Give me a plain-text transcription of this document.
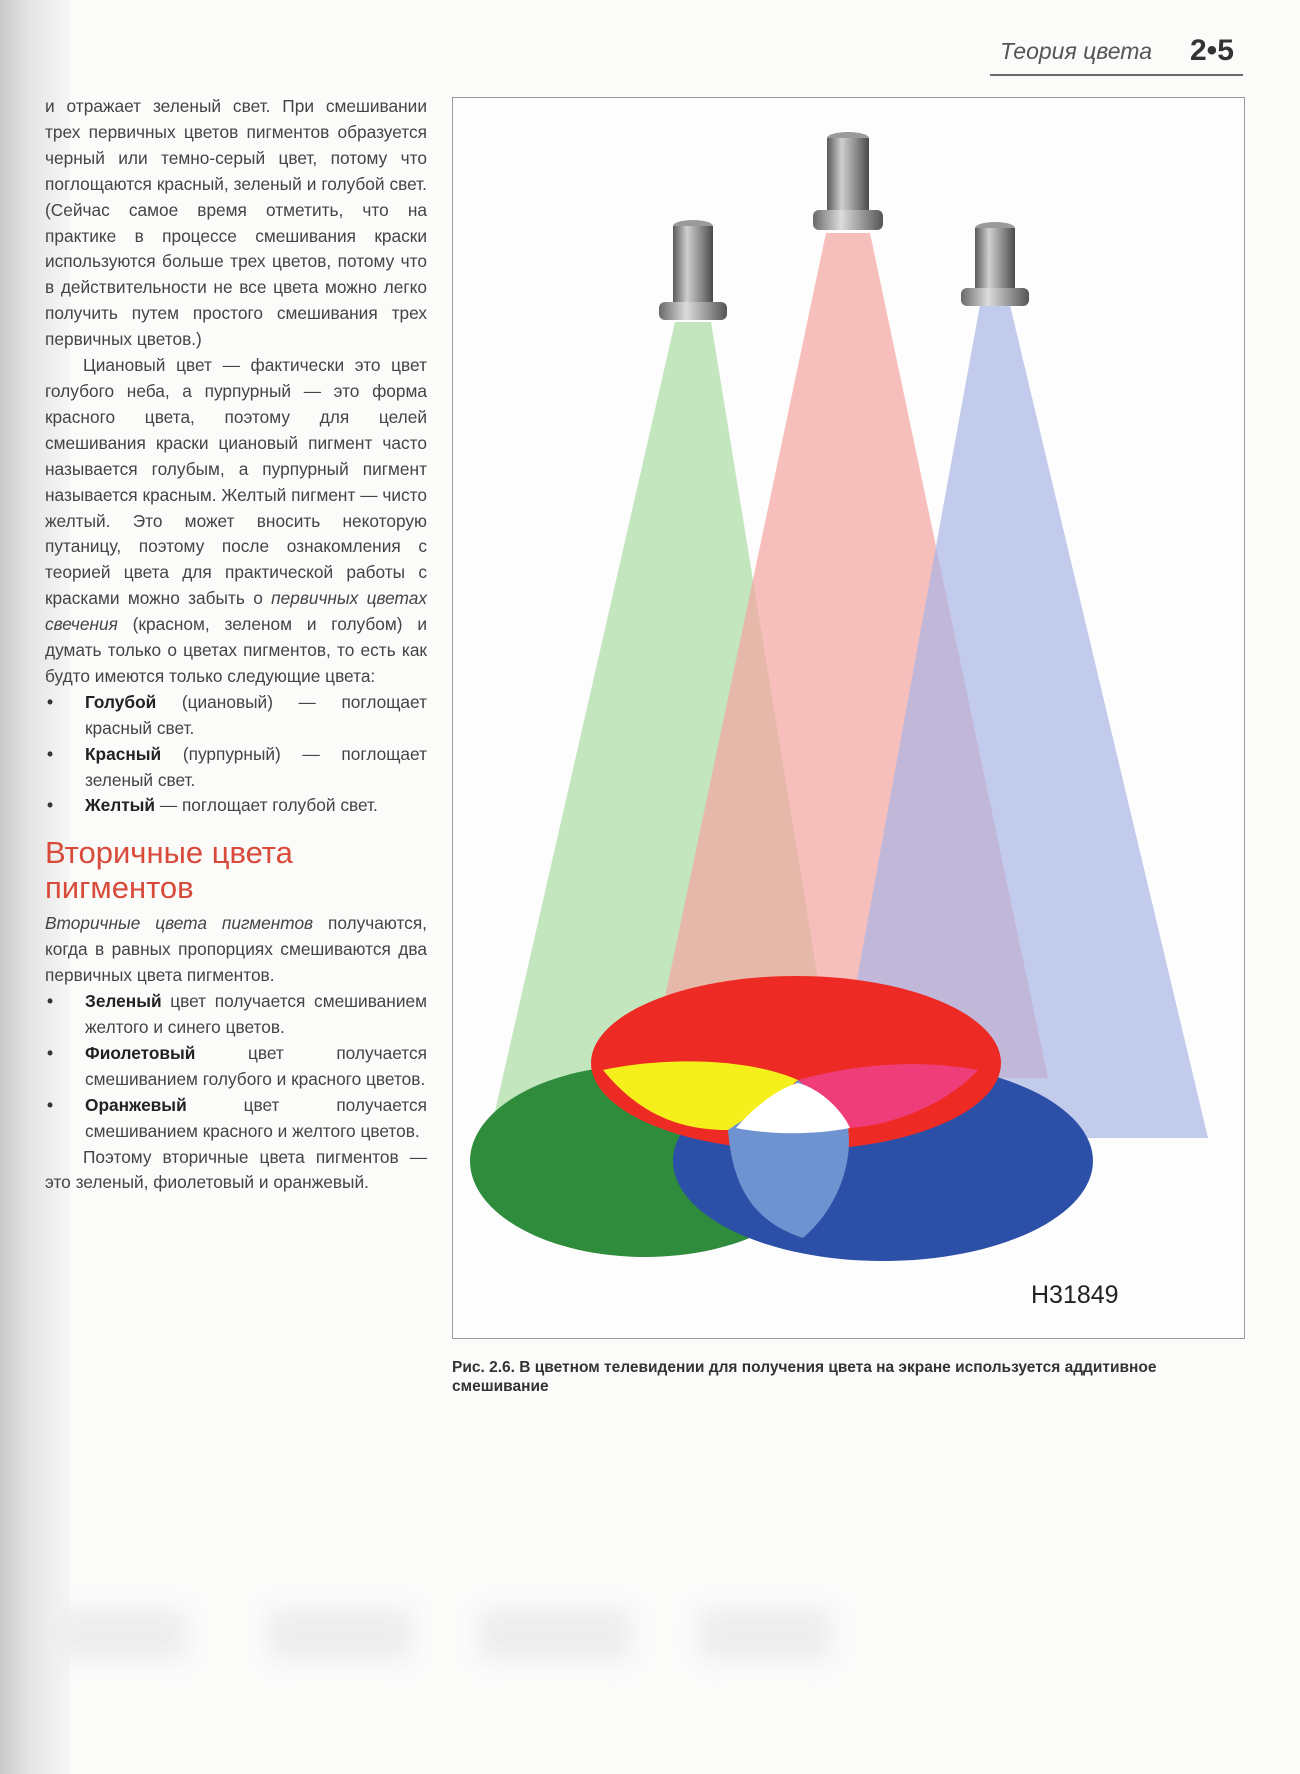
Теория цвета 2•5

и отражает зеленый свет. При смешивании трех первичных цветов пигментов образуется черный или темно-серый цвет, потому что поглощаются красный, зеленый и голубой свет. (Сейчас самое время отметить, что на практике в процессе смешивания краски используются больше трех цветов, потому что в действительности не все цвета можно легко получить путем простого смешивания трех первичных цветов.)

Циановый цвет — фактически это цвет голубого неба, а пурпурный — это форма красного цвета, поэтому для целей смешивания краски циановый пигмент часто называется голубым, а пурпурный пигмент называется красным. Желтый пигмент — чисто желтый. Это может вносить некоторую путаницу, поэтому после ознакомления с теорией цвета для практической работы с красками можно забыть о первичных цветах свечения (красном, зеленом и голубом) и думать только о цветах пигментов, то есть как будто имеются только следующие цвета:

• Голубой (циановый) — поглощает красный свет.
• Красный (пурпурный) — поглощает зеленый свет.
• Желтый — поглощает голубой свет.
Вторичные цвета пигментов

Вторичные цвета пигментов получаются, когда в равных пропорциях смешиваются два первичных цвета пигментов.

• Зеленый цвет получается смешиванием желтого и синего цветов.
• Фиолетовый цвет получается смешиванием голубого и красного цветов.
• Оранжевый цвет получается смешиванием красного и желтого цветов.

Поэтому вторичные цвета пигментов — это зеленый, фиолетовый и оранжевый.

H31849
Рис. 2.6. В цветном телевидении для получения цвета на экране используется аддитивное смешивание
